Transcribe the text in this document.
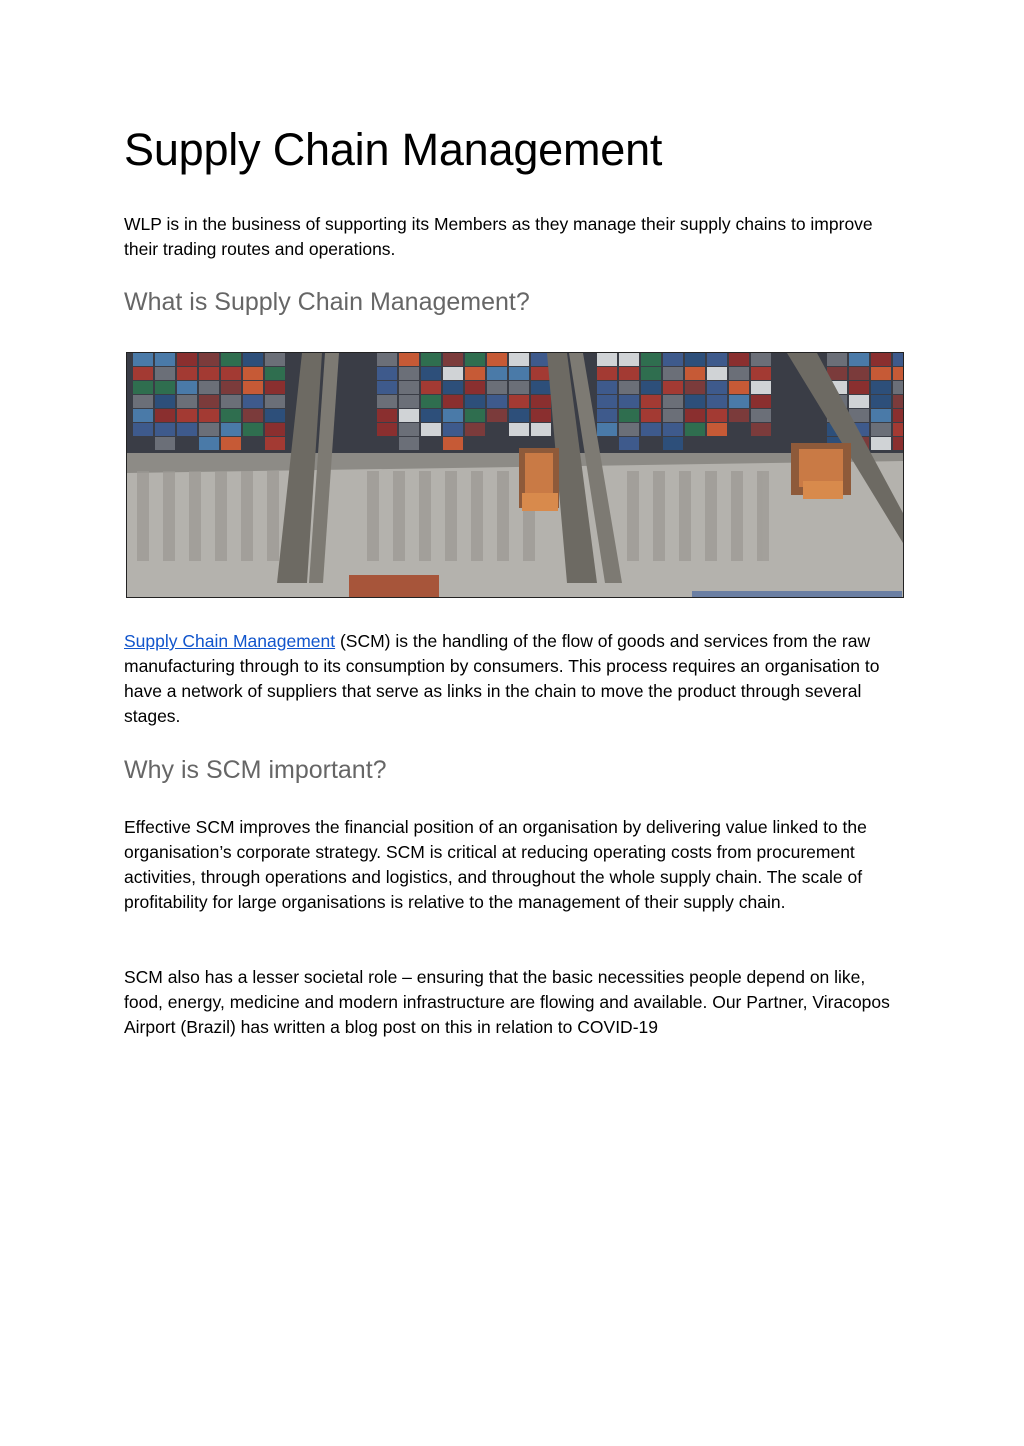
Supply Chain Management

WLP is in the business of supporting its Members as they manage their supply chains to improve their trading routes and operations.

What is Supply Chain Management?

Supply Chain Management (SCM) is the handling of the flow of goods and services from the raw manufacturing through to its consumption by consumers. This process requires an organisation to have a network of suppliers that serve as links in the chain to move the product through several stages.

Why is SCM important?

Effective SCM improves the financial position of an organisation by delivering value linked to the organisation’s corporate strategy. SCM is critical at reducing operating costs from procurement activities, through operations and logistics, and throughout the whole supply chain. The scale of profitability for large organisations is relative to the management of their supply chain.

SCM also has a lesser societal role – ensuring that the basic necessities people depend on like, food, energy, medicine and modern infrastructure are flowing and available. Our Partner, Viracopos Airport (Brazil) has written a blog post on this in relation to COVID-19
